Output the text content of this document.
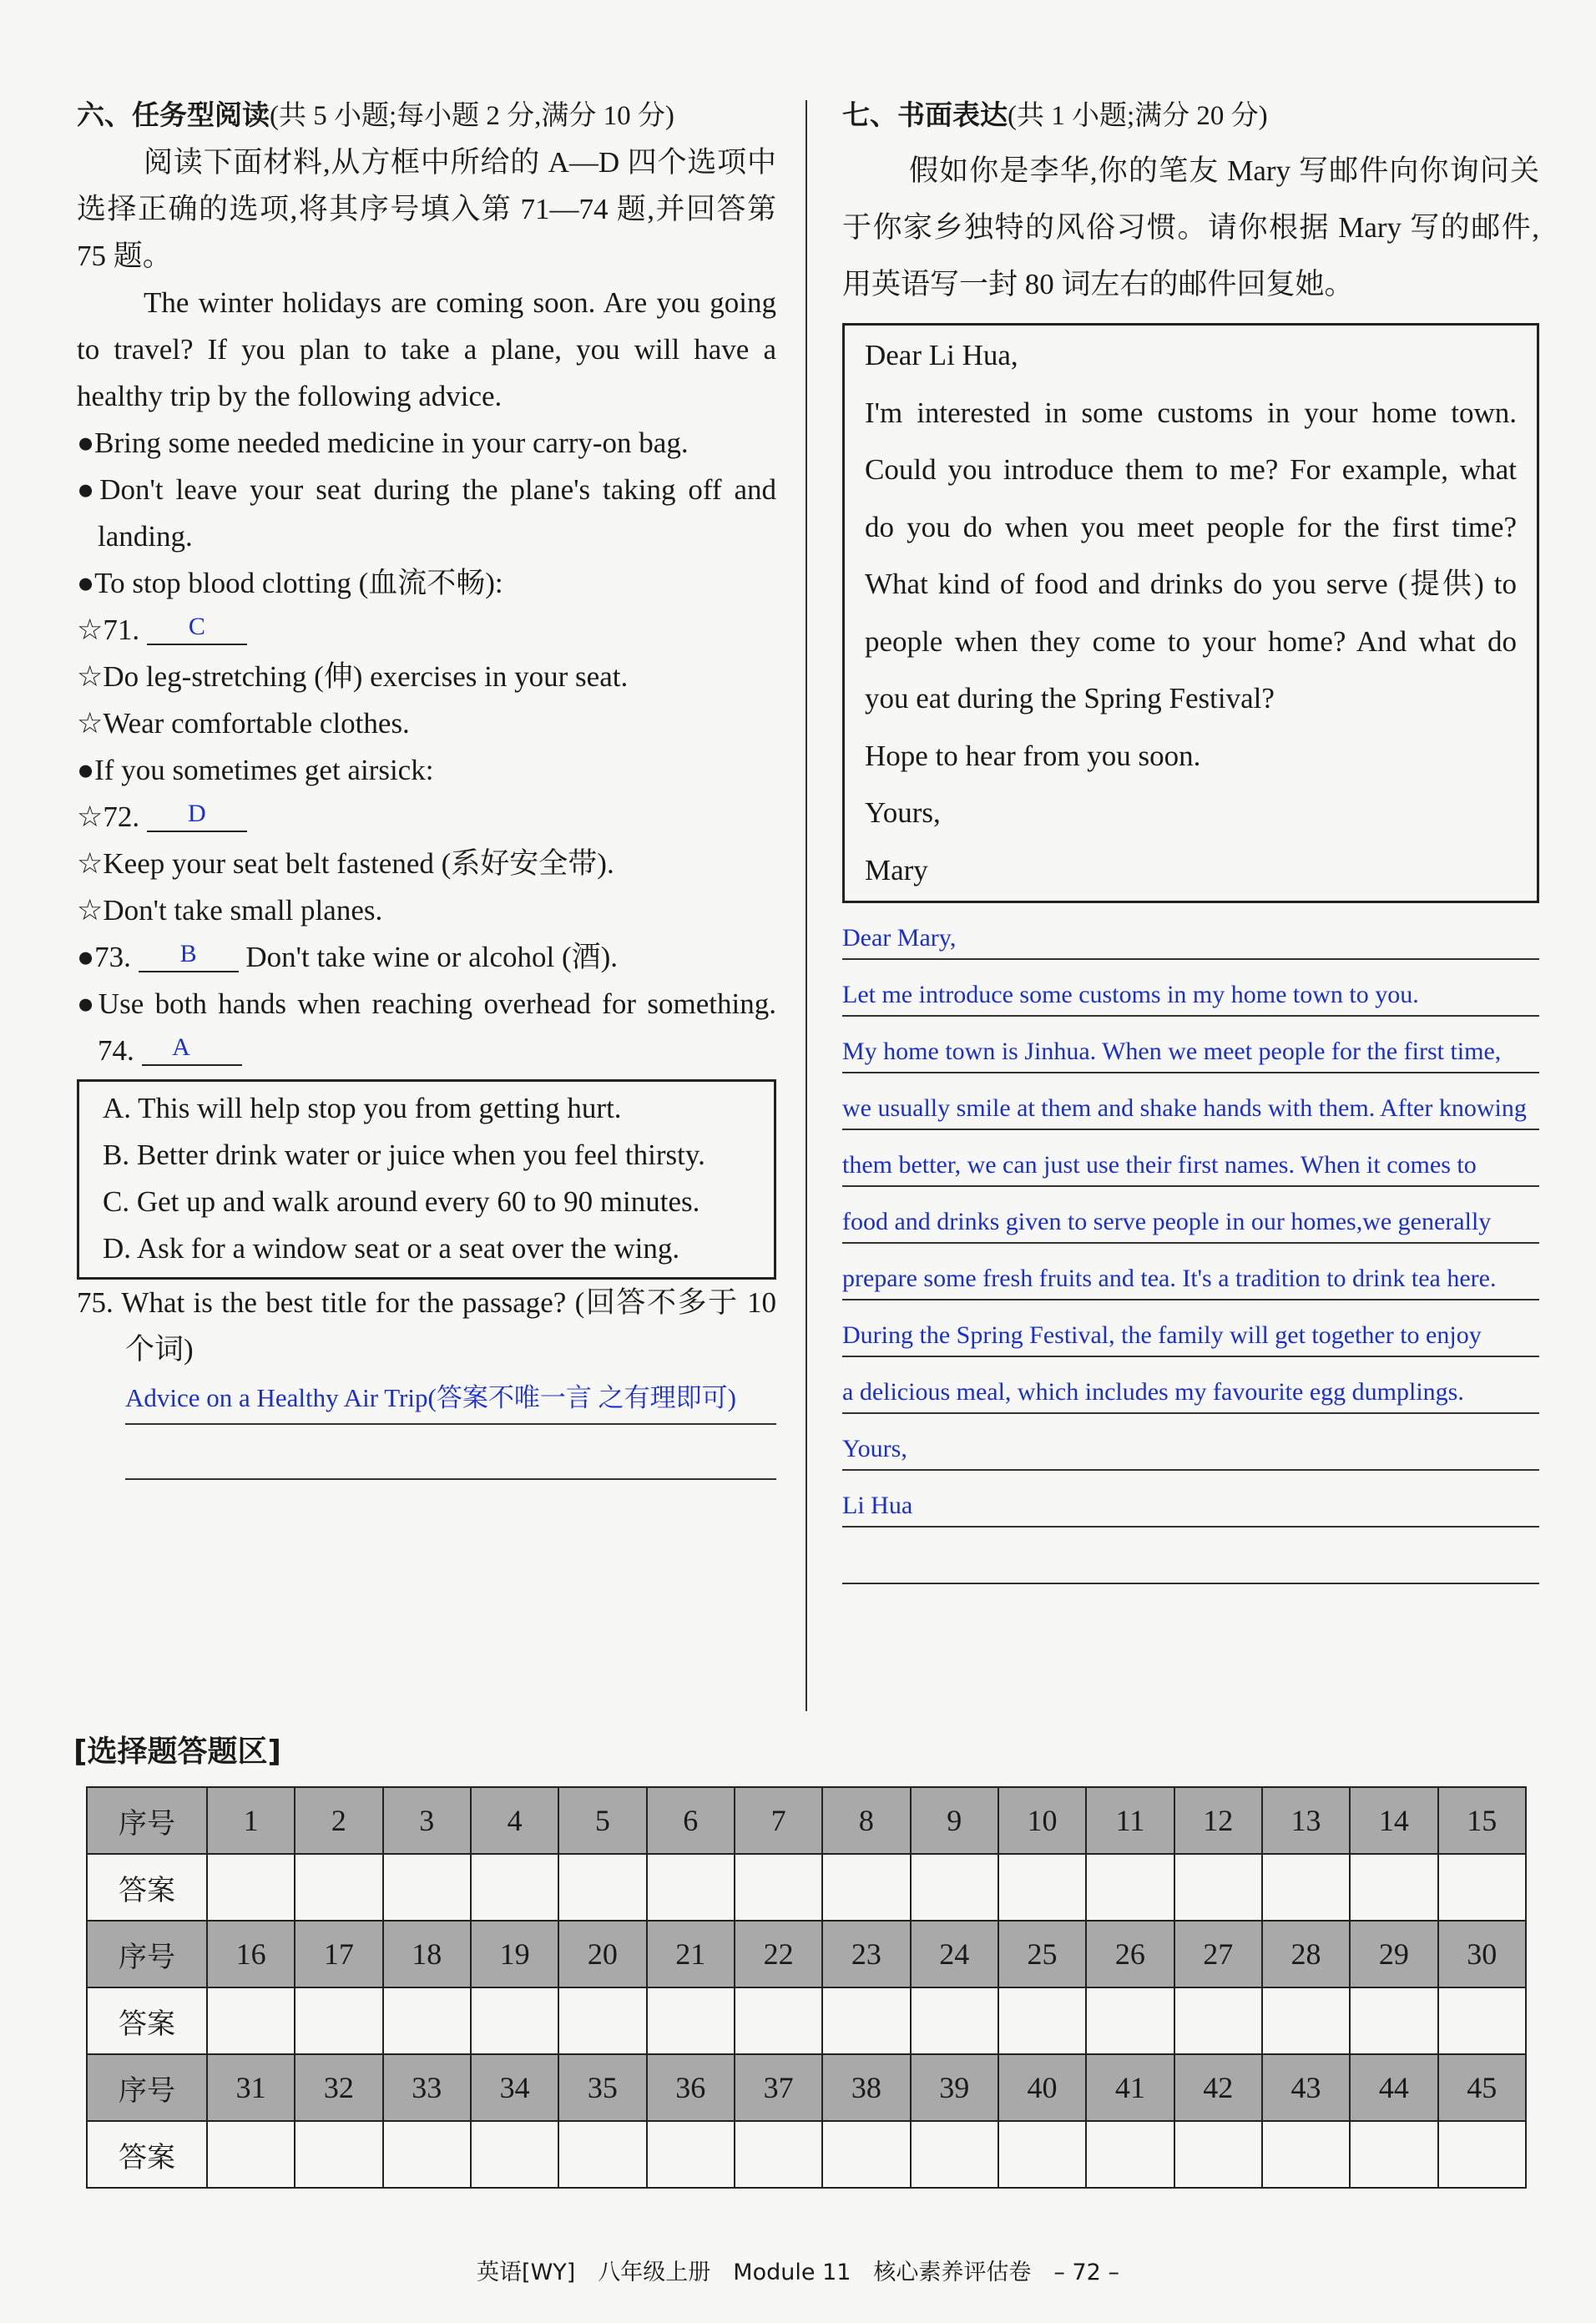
六、任务型阅读(共 5 小题;每小题 2 分,满分 10 分)

阅读下面材料,从方框中所给的 A—D 四个选项中选择正确的选项,将其序号填入第 71—74 题,并回答第 75 题。

The winter holidays are coming soon. Are you going to travel? If you plan to take a plane, you will have a healthy trip by the following advice.

●Bring some needed medicine in your carry-on bag.

●Don't leave your seat during the plane's taking off and landing.

●To stop blood clotting (血流不畅):

☆71. C

☆Do leg-stretching (伸) exercises in your seat.

☆Wear comfortable clothes.

●If you sometimes get airsick:

☆72. D

☆Keep your seat belt fastened (系好安全带).

☆Don't take small planes.

●73. B Don't take wine or alcohol (酒).

●Use both hands when reaching overhead for something. 74. A

A. This will help stop you from getting hurt.

B. Better drink water or juice when you feel thirsty.

C. Get up and walk around every 60 to 90 minutes.

D. Ask for a window seat or a seat over the wing.

75. What is the best title for the passage? (回答不多于 10 个词)

Advice on a Healthy Air Trip(答案不唯一言 之有理即可)
七、书面表达(共 1 小题;满分 20 分)

假如你是李华,你的笔友 Mary 写邮件向你询问关于你家乡独特的风俗习惯。请你根据 Mary 写的邮件,用英语写一封 80 词左右的邮件回复她。

Dear Li Hua,

I'm interested in some customs in your home town. Could you introduce them to me? For example, what do you do when you meet people for the first time? What kind of food and drinks do you serve (提供) to people when they come to your home? And what do you eat during the Spring Festival?

Hope to hear from you soon.

Yours,

Mary

Dear Mary,
Let me introduce some customs in my home town to you.
My home town is Jinhua. When we meet people for the first time,
we usually smile at them and shake hands with them. After knowing
them better, we can just use their first names. When it comes to
food and drinks given to serve people in our homes,we generally
prepare some fresh fruits and tea. It's a tradition to drink tea here.
During the Spring Festival, the family will get together to enjoy
a delicious meal, which includes my favourite egg dumplings.
Yours,
Li Hua
[选择题答题区]
序号	1	2	3	4	5	6	7	8	9	10	11	12	13	14	15
答案															
序号	16	17	18	19	20	21	22	23	24	25	26	27	28	29	30
答案															
序号	31	32	33	34	35	36	37	38	39	40	41	42	43	44	45
答案															
英语[WY]　八年级上册　Module 11　核心素养评估卷　– 72 –
